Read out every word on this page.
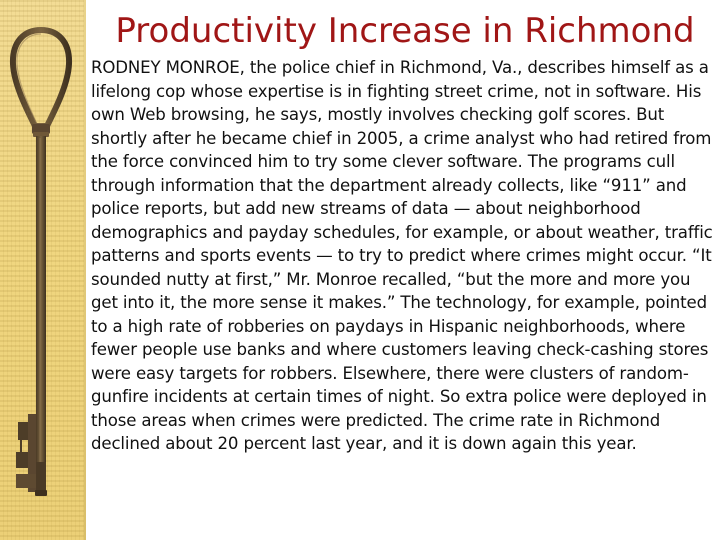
Productivity Increase in Richmond

RODNEY MONROE, the police chief in Richmond, Va., describes himself as a lifelong cop whose expertise is in fighting street crime, not in software. His own Web browsing, he says, mostly involves checking golf scores. But shortly after he became chief in 2005, a crime analyst who had retired from the force convinced him to try some clever software. The programs cull through information that the department already collects, like “911” and police reports, but add new streams of data — about neighborhood demographics and payday schedules, for example, or about weather, traffic patterns and sports events — to try to predict where crimes might occur. “It sounded nutty at first,” Mr. Monroe recalled, “but the more and more you get into it, the more sense it makes.” The technology, for example, pointed to a high rate of robberies on paydays in Hispanic neighborhoods, where fewer people use banks and where customers leaving check-cashing stores were easy targets for robbers. Elsewhere, there were clusters of random-gunfire incidents at certain times of night. So extra police were deployed in those areas when crimes were predicted. The crime rate in Richmond declined about 20 percent last year, and it is down again this year.
